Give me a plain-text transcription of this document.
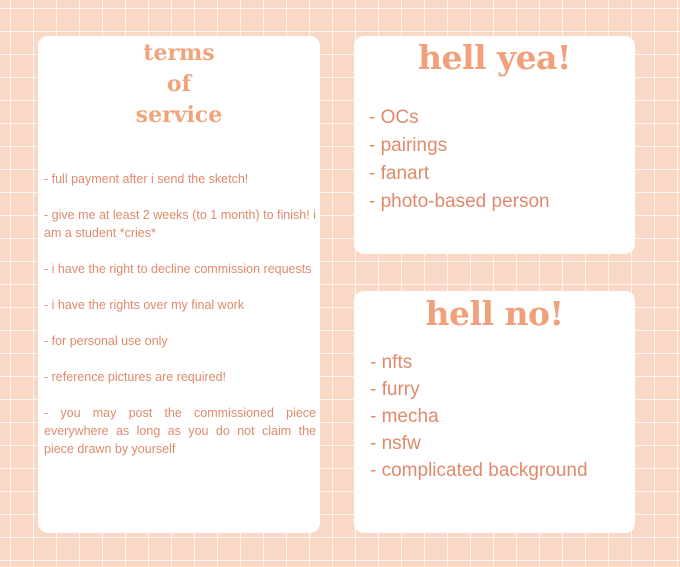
terms
of
service
- full payment after i send the sketch!
- give me at least 2 weeks (to 1 month) to finish! i am a student *cries*
- i have the right to decline commission requests
- i have the rights over my final work
- for personal use only
- reference pictures are required!
- you may post the commissioned piece everywhere as long as you do not claim the piece drawn by yourself
hell yea!
- OCs
- pairings
- fanart
- photo-based person
hell no!
- nfts
- furry
- mecha
- nsfw
- complicated background
